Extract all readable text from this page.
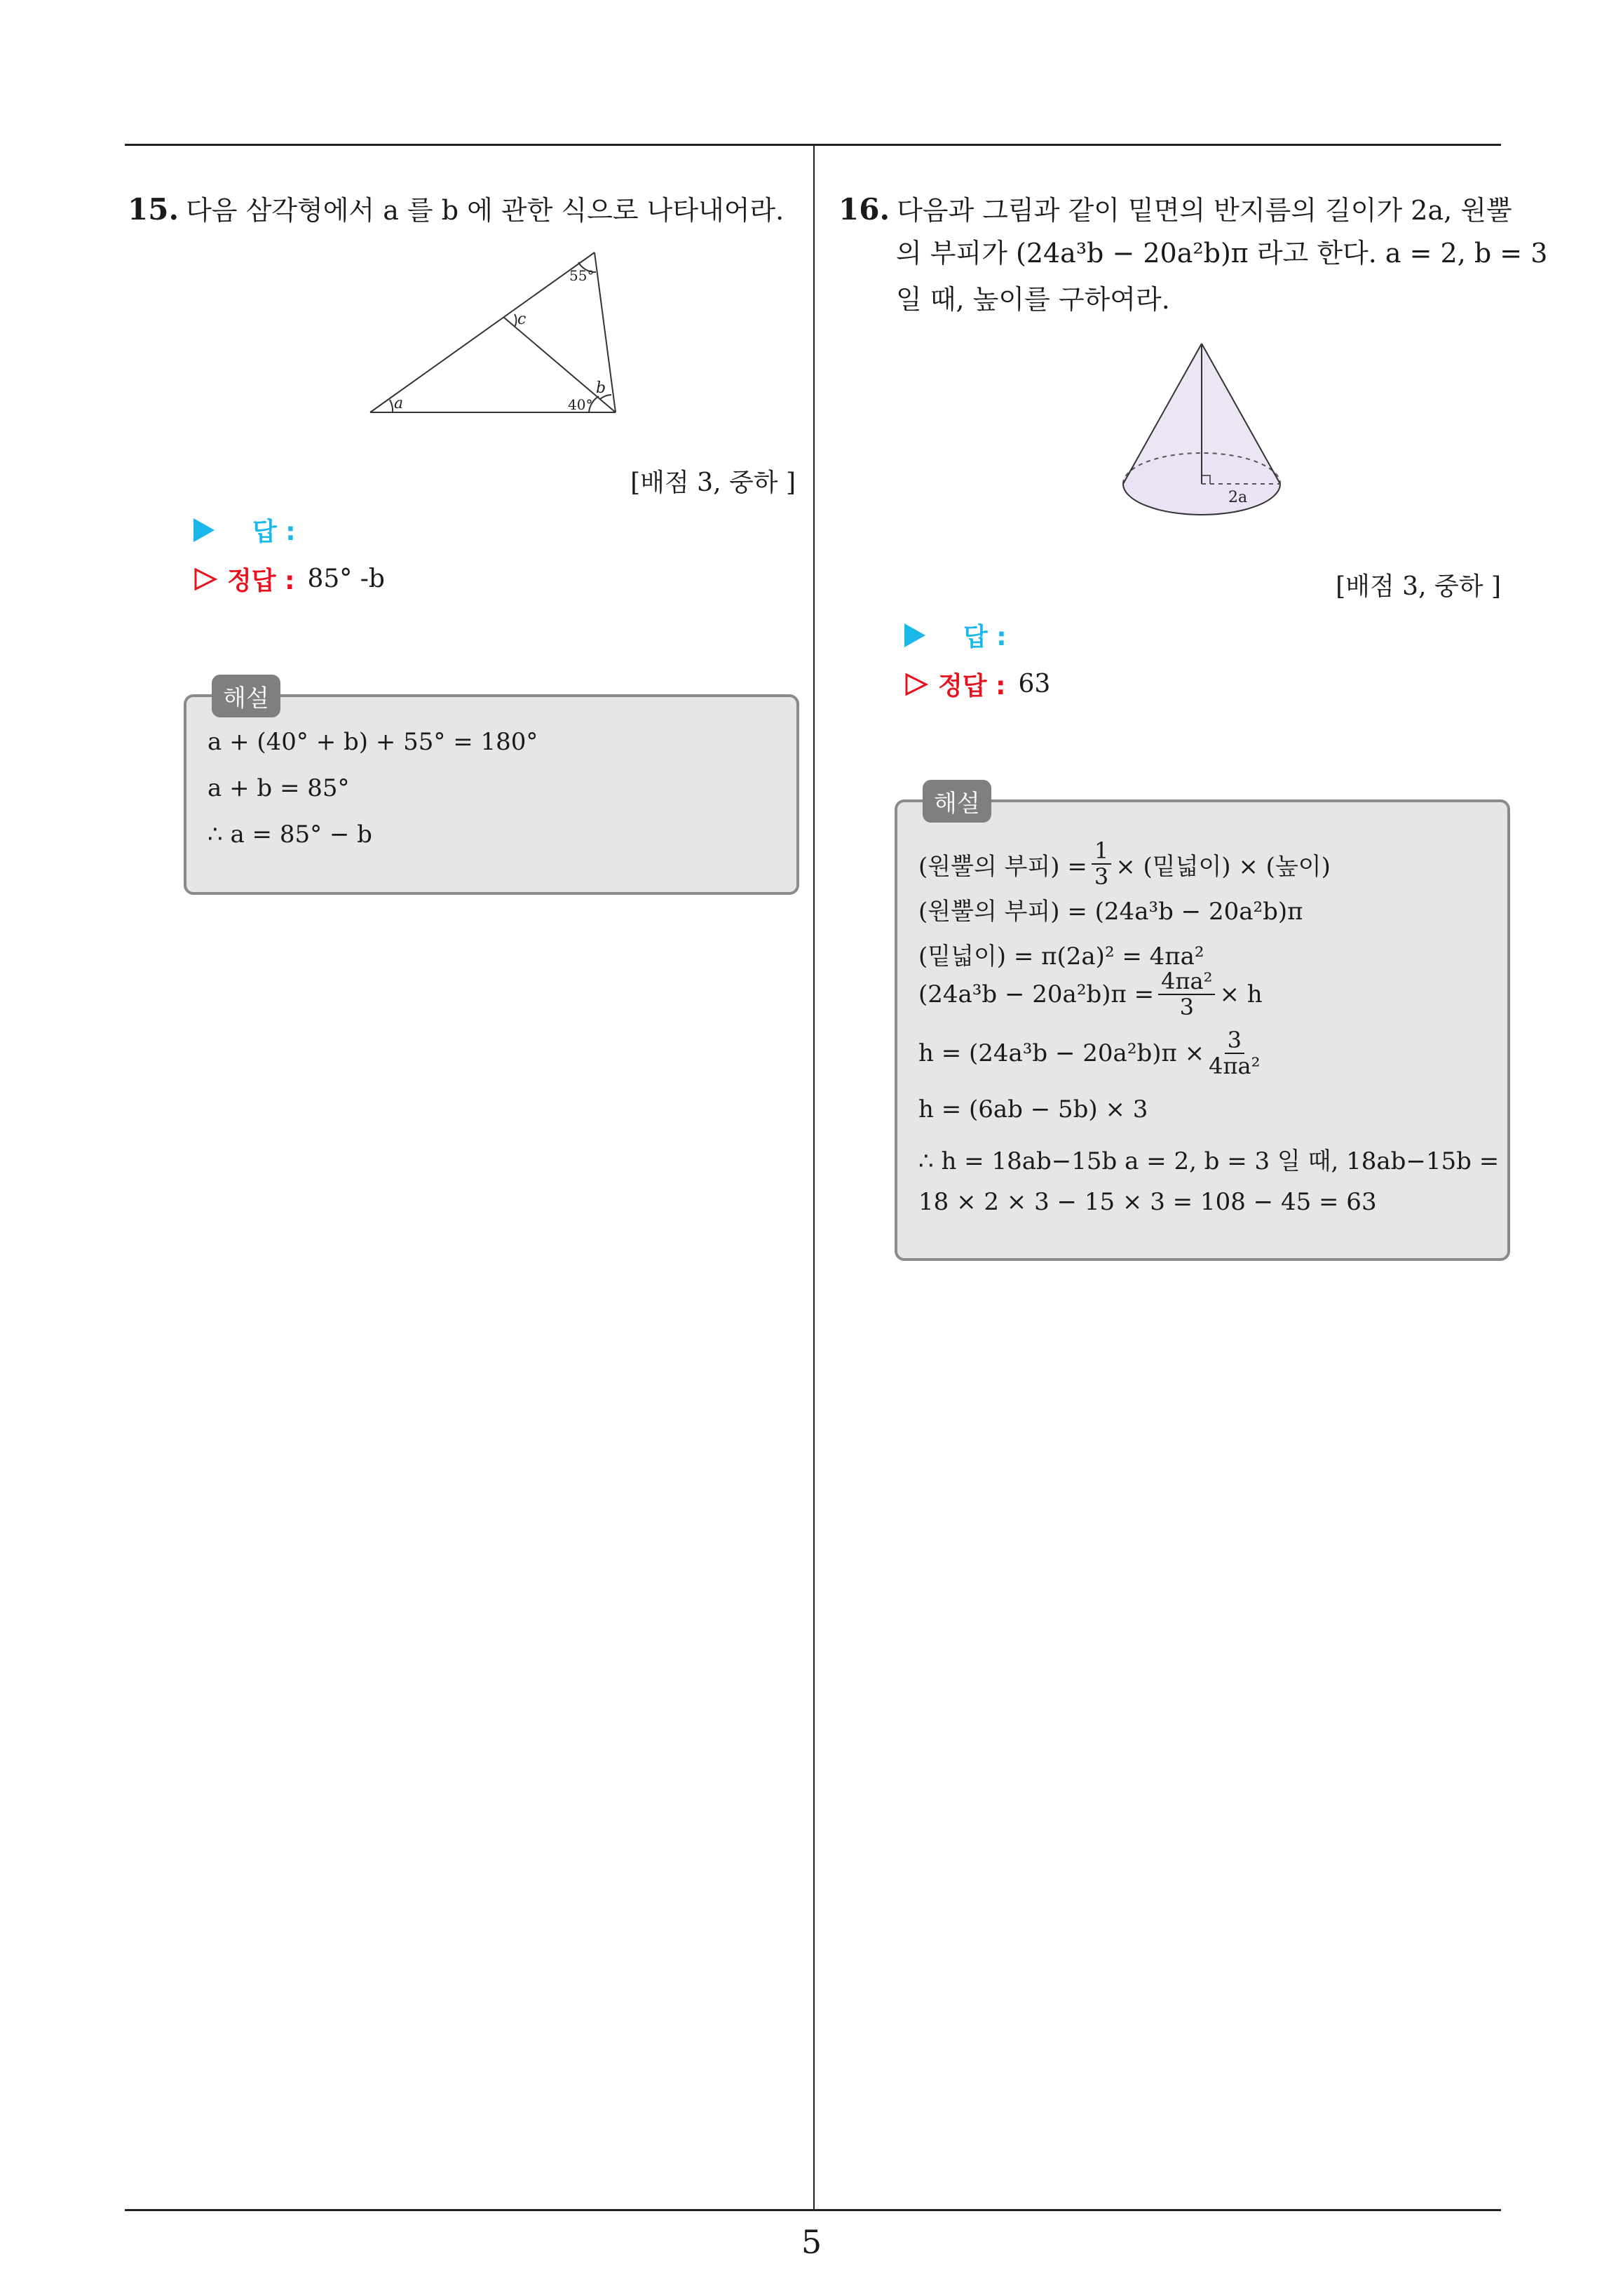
15. 다음 삼각형에서 a 를 b 에 관한 식으로 나타내어라.
a	40°
55°
b
c
[배점 3, 중하 ]
답 :
정답 : 85° -b
해설
a + (40° + b) + 55° = 180°
a + b = 85°
∴ a = 85° − b
16. 다음과 그림과 같이 밑면의 반지름의 길이가 2a, 원뿔
의 부피가 (24a³b − 20a²b)π 라고 한다. a = 2, b = 3
일 때, 높이를 구하여라.
2a
[배점 3, 중하 ]
답 :
정답 : 63
해설
(원뿔의 부피) = $\frac{1}{3}$ × (밑넓이) × (높이)
(원뿔의 부피) = (24a³b − 20a²b)π
(밑넓이) = π(2a)² = 4πa²
$(24a^3b - 20a^2b)\pi = \frac{\text{4πa²}}{3} \times h$
$h = (24a^3b - 20a^2b)\pi \times \frac{3}{\text{4πa²}}$
h = (6ab − 5b) × 3
∴ h = 18ab−15b a = 2, b = 3 일 때, 18ab−15b =
18 × 2 × 3 − 15 × 3 = 108 − 45 = 63
5
